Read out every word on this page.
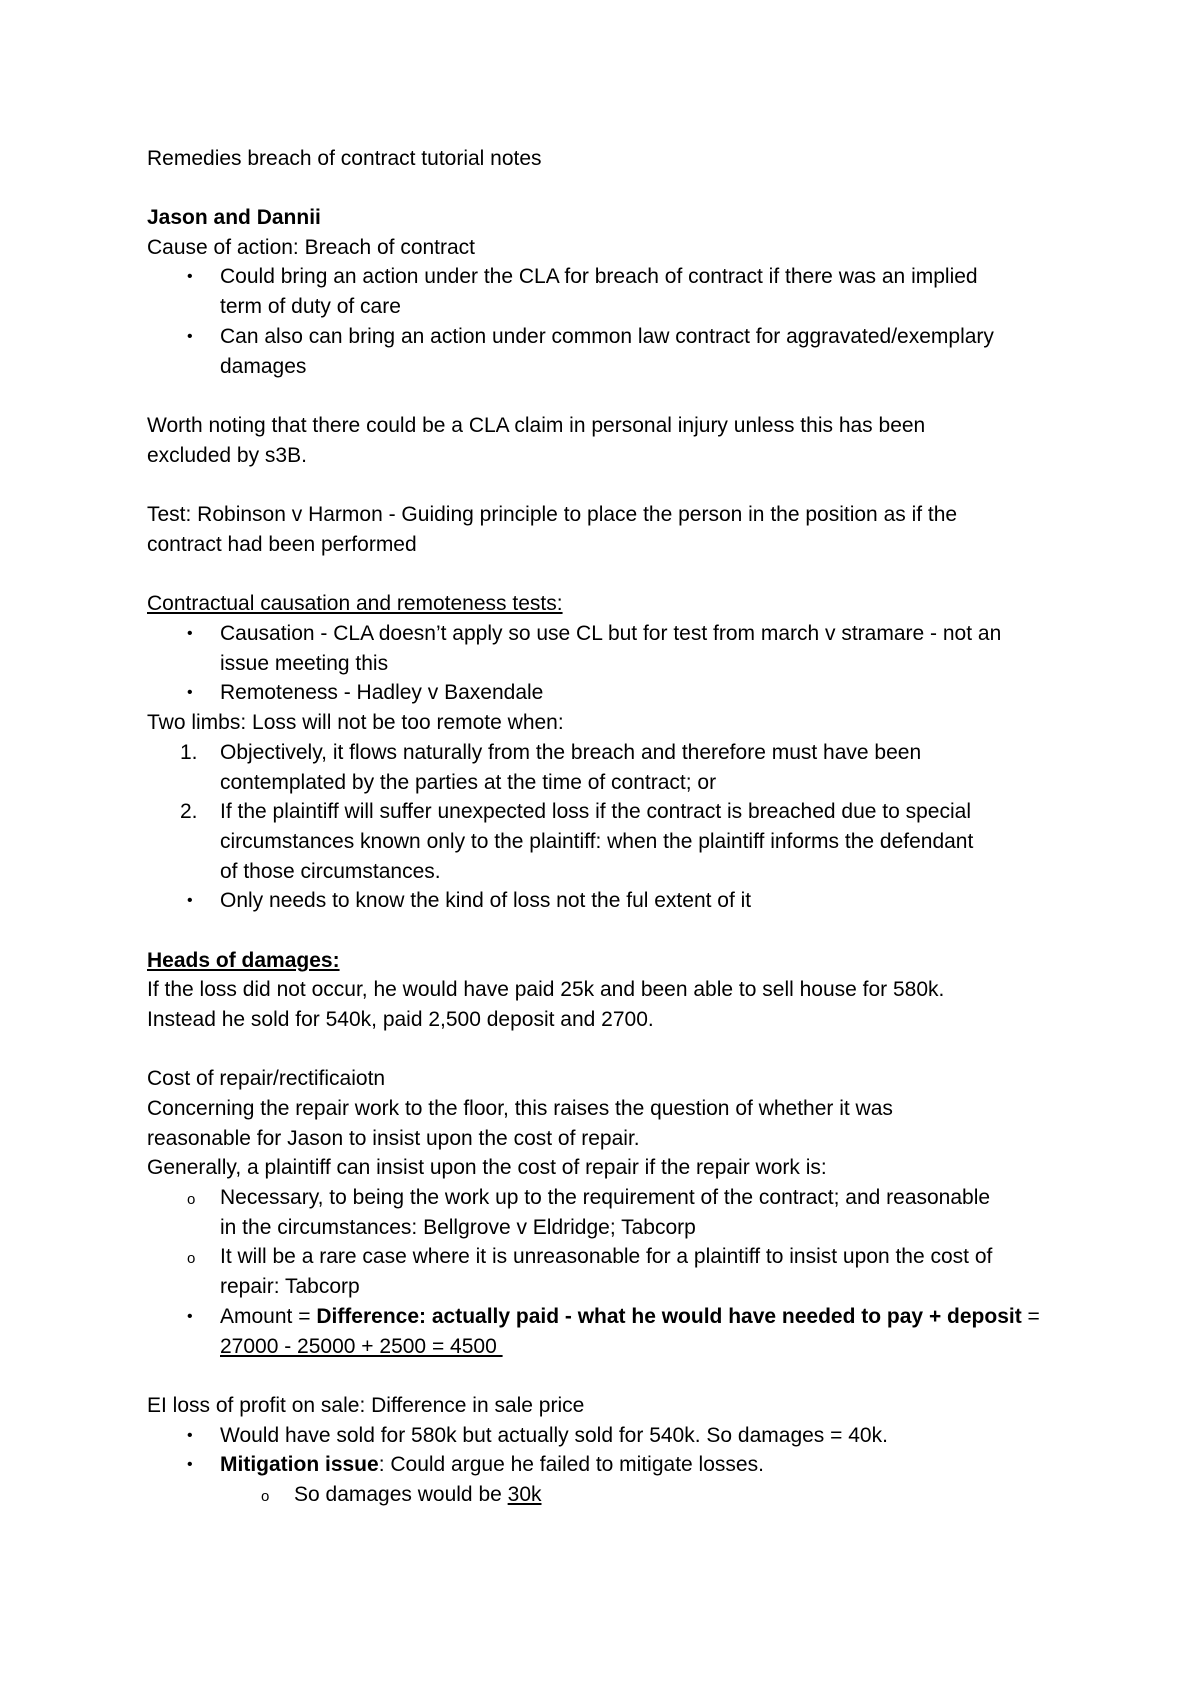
Remedies breach of contract tutorial notes
Jason and Dannii
Cause of action: Breach of contract
•	Could bring an action under the CLA for breach of contract if there was an implied
term of duty of care
•	Can also can bring an action under common law contract for aggravated/exemplary
damages
Worth noting that there could be a CLA claim in personal injury unless this has been
excluded by s3B.
Test: Robinson v Harmon - Guiding principle to place the person in the position as if the
contract had been performed
Contractual causation and remoteness tests:
•	Causation - CLA doesn’t apply so use CL but for test from march v stramare - not an
issue meeting this
•	Remoteness - Hadley v Baxendale
Two limbs: Loss will not be too remote when:
1.	Objectively, it flows naturally from the breach and therefore must have been
contemplated by the parties at the time of contract; or
2.	If the plaintiff will suffer unexpected loss if the contract is breached due to special
circumstances known only to the plaintiff: when the plaintiff informs the defendant
of those circumstances.
•	Only needs to know the kind of loss not the ful extent of it
Heads of damages:
If the loss did not occur, he would have paid 25k and been able to sell house for 580k.
Instead he sold for 540k, paid 2,500 deposit and 2700.
Cost of repair/rectificaiotn
Concerning the repair work to the floor, this raises the question of whether it was
reasonable for Jason to insist upon the cost of repair.
Generally, a plaintiff can insist upon the cost of repair if the repair work is:
o	Necessary, to being the work up to the requirement of the contract; and reasonable
in the circumstances: Bellgrove v Eldridge; Tabcorp
o	It will be a rare case where it is unreasonable for a plaintiff to insist upon the cost of
repair: Tabcorp
•	Amount = Difference: actually paid - what he would have needed to pay + deposit =
27000 - 25000 + 2500 = 4500
EI loss of profit on sale: Difference in sale price
•	Would have sold for 580k but actually sold for 540k. So damages = 40k.
•	Mitigation issue: Could argue he failed to mitigate losses.
o	So damages would be 30k
